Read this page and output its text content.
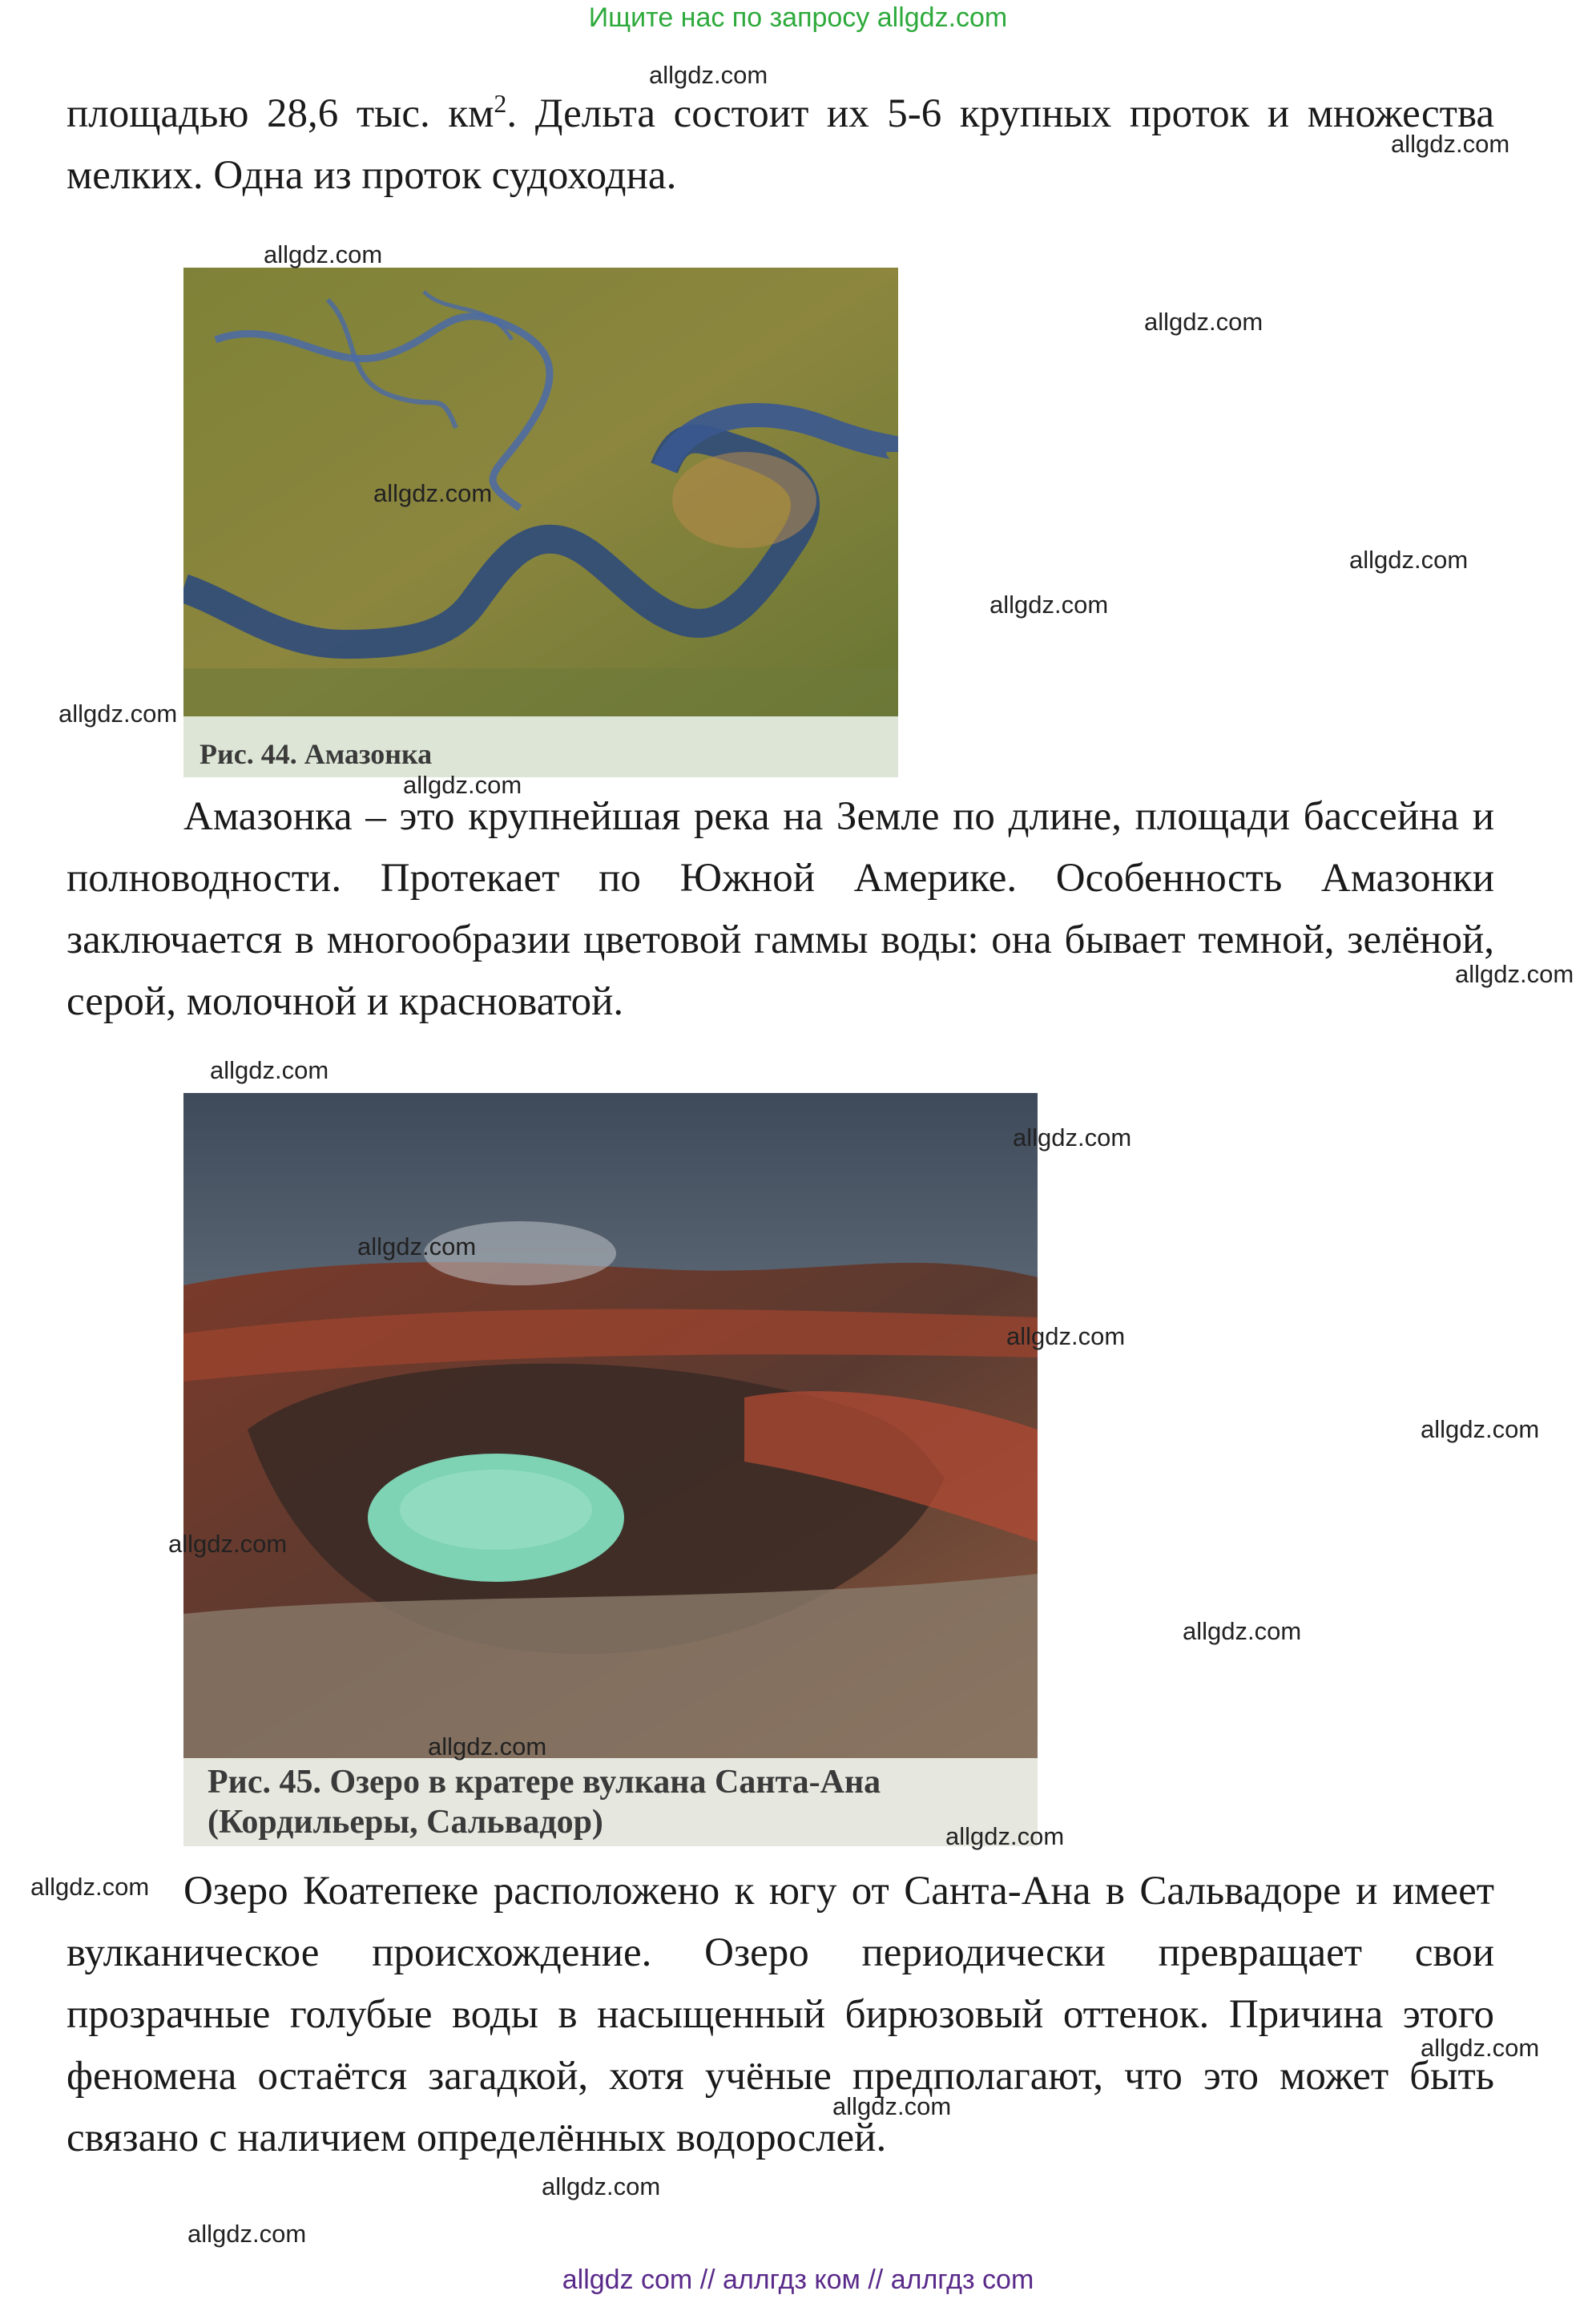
Ищите нас по запросу allgdz.com

площадью 28,6 тыс. $км^2$. Дельта состоит их 5-6 крупных проток и множества мелких. Одна из проток судоходна.

Рис. 44. Амазонка

Амазонка – это крупнейшая река на Земле по длине, площади бассейна и полноводности. Протекает по Южной Америке. Особенность Амазонки заключается в многообразии цветовой гаммы воды: она бывает темной, зелёной, серой, молочной и красноватой.

Рис. 45. Озеро в кратере вулкана Санта-Ана
(Кордильеры, Сальвадор)

Озеро Коатепеке расположено к югу от Санта-Ана в Сальвадоре и имеет вулканическое происхождение. Озеро периодически превращает свои прозрачные голубые воды в насыщенный бирюзовый оттенок. Причина этого феномена остаётся загадкой, хотя учёные предполагают, что это может быть связано с наличием определённых водорослей.

allgdz.com
allgdz.com
allgdz.com
allgdz.com
allgdz.com
allgdz.com
allgdz.com
allgdz.com
allgdz.com
allgdz.com
allgdz.com
allgdz.com
allgdz.com
allgdz.com
allgdz.com
allgdz.com
allgdz.com
allgdz.com
allgdz.com
allgdz.com
allgdz.com
allgdz.com
allgdz.com
allgdz.com
allgdz com // аллгдз ком // аллгдз com
